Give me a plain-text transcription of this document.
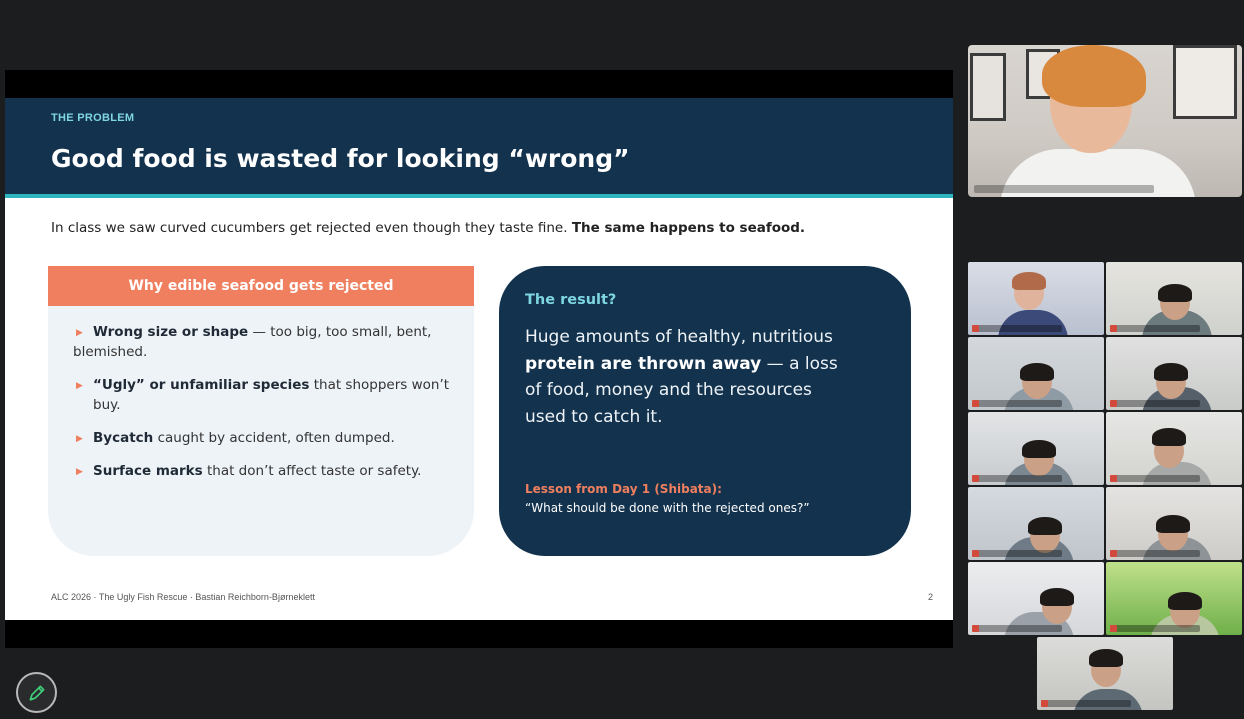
THE PROBLEM
Good food is wasted for looking “wrong”
In class we saw curved cucumbers get rejected even though they taste fine. The same happens to seafood.
Why edible seafood gets rejected
▶ Wrong size or shape — too big, too small, bent,
blemished.
▶ “Ugly” or unfamiliar species that shoppers won’t buy.
▶ Bycatch caught by accident, often dumped.
▶ Surface marks that don’t affect taste or safety.
The result?
Huge amounts of healthy, nutritious protein are thrown away — a loss of food, money and the resources used to catch it.
Lesson from Day 1 (Shibata):
“What should be done with the rejected ones?”
ALC 2026 · The Ugly Fish Rescue · Bastian Reichborn-Bjørneklett	2
